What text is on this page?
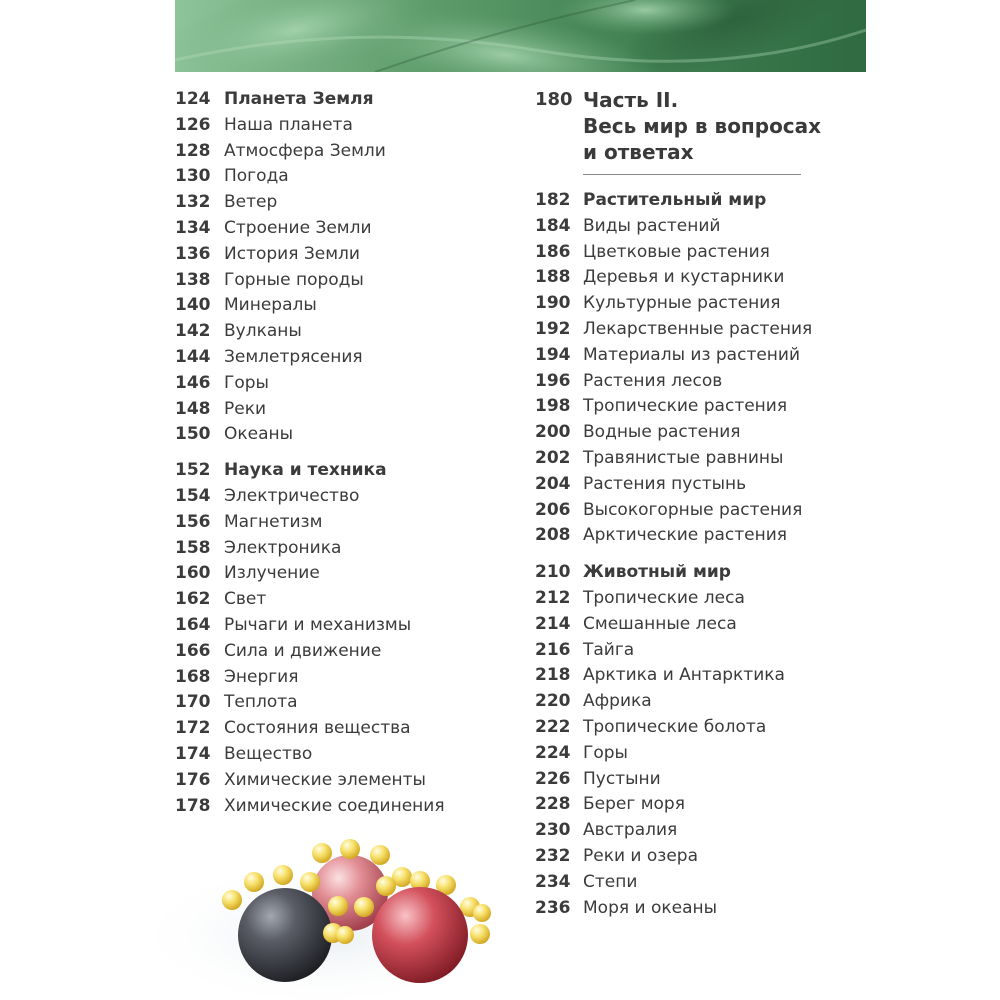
124 Планета Земля
126 Наша планета
128 Атмосфера Земли
130 Погода
132 Ветер
134 Строение Земли
136 История Земли
138 Горные породы
140 Минералы
142 Вулканы
144 Землетрясения
146 Горы
148 Реки
150 Океаны
152 Наука и техника
154 Электричество
156 Магнетизм
158 Электроника
160 Излучение
162 Свет
164 Рычаги и механизмы
166 Сила и движение
168 Энергия
170 Теплота
172 Состояния вещества
174 Вещество
176 Химические элементы
178 Химические соединения
180 Часть II.
Весь мир в вопросах
и ответах
182 Растительный мир
184 Виды растений
186 Цветковые растения
188 Деревья и кустарники
190 Культурные растения
192 Лекарственные растения
194 Материалы из растений
196 Растения лесов
198 Тропические растения
200 Водные растения
202 Травянистые равнины
204 Растения пустынь
206 Высокогорные растения
208 Арктические растения
210 Животный мир
212 Тропические леса
214 Смешанные леса
216 Тайга
218 Арктика и Антарктика
220 Африка
222 Тропические болота
224 Горы
226 Пустыни
228 Берег моря
230 Австралия
232 Реки и озера
234 Степи
236 Моря и океаны
